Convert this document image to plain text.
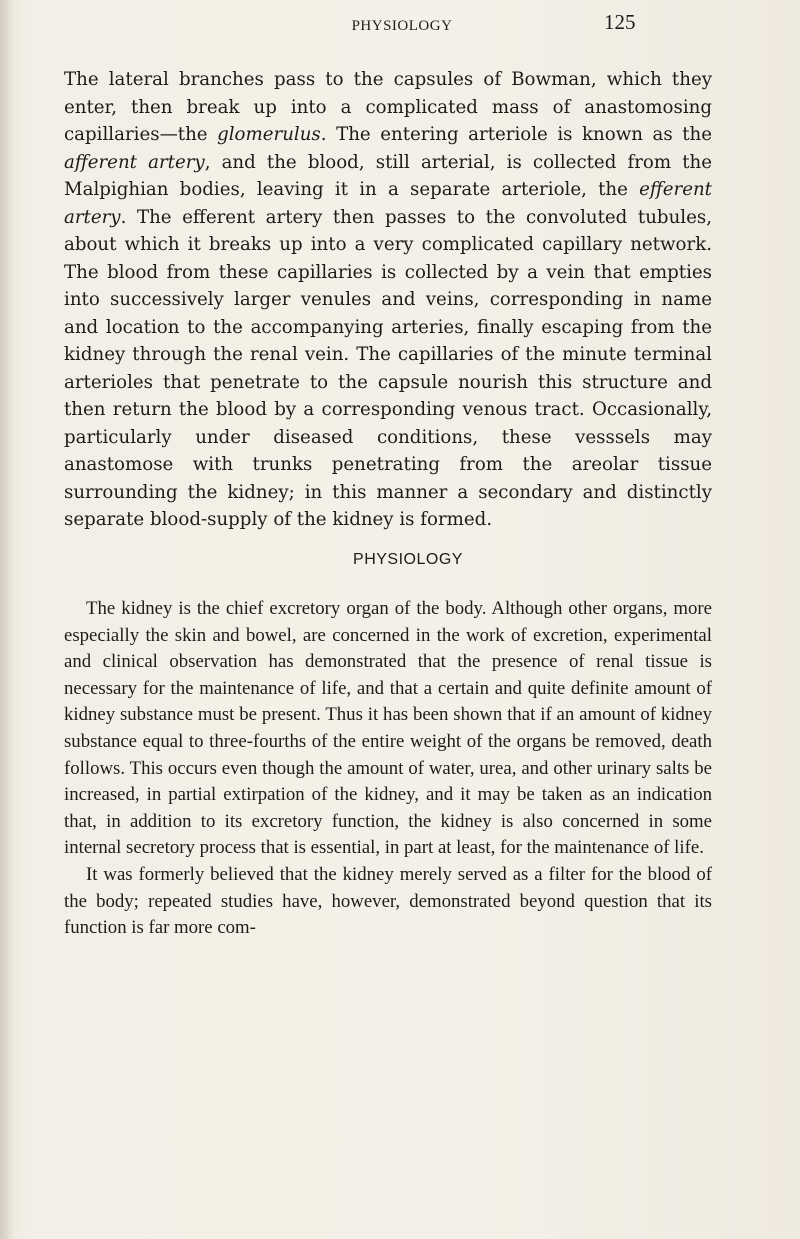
PHYSIOLOGY	125

The lateral branches pass to the capsules of Bowman, which they enter, then break up into a complicated mass of anastomosing capillaries—the glomerulus. The entering arteriole is known as the afferent artery, and the blood, still arterial, is collected from the Malpighian bodies, leaving it in a separate arteriole, the efferent artery. The efferent artery then passes to the convoluted tubules, about which it breaks up into a very complicated capillary network. The blood from these capillaries is collected by a vein that empties into successively larger venules and veins, corresponding in name and location to the accompanying arteries, finally escaping from the kidney through the renal vein. The capillaries of the minute terminal arterioles that penetrate to the capsule nourish this structure and then return the blood by a corresponding venous tract. Occasionally, particularly under diseased conditions, these vesssels may anastomose with trunks penetrating from the areolar tissue surrounding the kidney; in this manner a secondary and distinctly separate blood-supply of the kidney is formed.

PHYSIOLOGY

The kidney is the chief excretory organ of the body. Although other organs, more especially the skin and bowel, are concerned in the work of excretion, experimental and clinical observation has demonstrated that the presence of renal tissue is necessary for the maintenance of life, and that a certain and quite definite amount of kidney substance must be present. Thus it has been shown that if an amount of kidney substance equal to three-fourths of the entire weight of the organs be removed, death follows. This occurs even though the amount of water, urea, and other urinary salts be increased, in partial extirpation of the kidney, and it may be taken as an indication that, in addition to its excretory function, the kidney is also concerned in some internal secretory process that is essential, in part at least, for the maintenance of life.

It was formerly believed that the kidney merely served as a filter for the blood of the body; repeated studies have, however, demonstrated beyond question that its function is far more com-
